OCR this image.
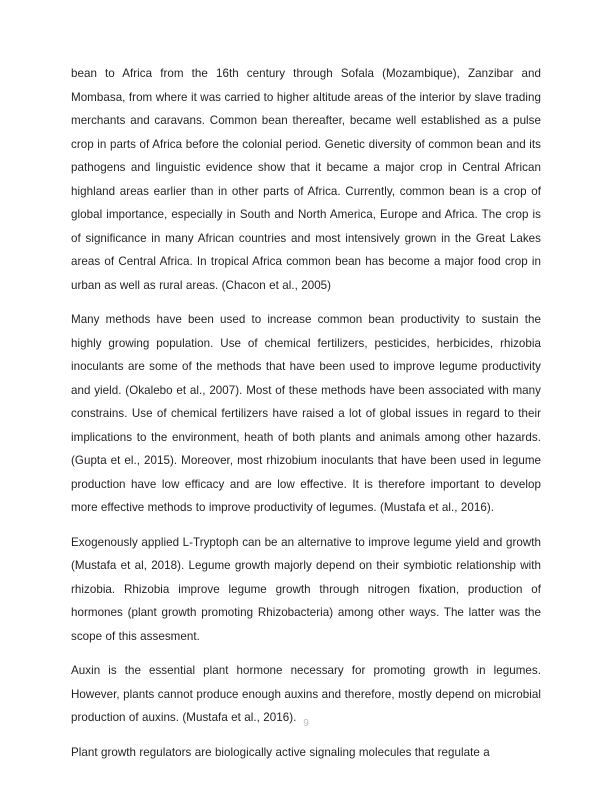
bean to Africa from the 16th century through Sofala (Mozambique), Zanzibar and Mombasa, from where it was carried to higher altitude areas of the interior by slave trading merchants and caravans. Common bean thereafter, became well established as a pulse crop in parts of Africa before the colonial period. Genetic diversity of common bean and its pathogens and linguistic evidence show that it became a major crop in Central African highland areas earlier than in other parts of Africa. Currently, common bean is a crop of global importance, especially in South and North America, Europe and Africa. The crop is of significance in many African countries and most intensively grown in the Great Lakes areas of Central Africa. In tropical Africa common bean has become a major food crop in urban as well as rural areas. (Chacon et al., 2005)

Many methods have been used to increase common bean productivity to sustain the highly growing population. Use of chemical fertilizers, pesticides, herbicides, rhizobia inoculants are some of the methods that have been used to improve legume productivity and yield. (Okalebo et al., 2007). Most of these methods have been associated with many constrains. Use of chemical fertilizers have raised a lot of global issues in regard to their implications to the environment, heath of both plants and animals among other hazards. (Gupta et el., 2015). Moreover, most rhizobium inoculants that have been used in legume production have low efficacy and are low effective. It is therefore important to develop more effective methods to improve productivity of legumes. (Mustafa et al., 2016).

Exogenously applied L-Tryptoph can be an alternative to improve legume yield and growth (Mustafa et al, 2018). Legume growth majorly depend on their symbiotic relationship with rhizobia. Rhizobia improve legume growth through nitrogen fixation, production of hormones (plant growth promoting Rhizobacteria) among other ways. The latter was the scope of this assesment.

Auxin is the essential plant hormone necessary for promoting growth in legumes. However, plants cannot produce enough auxins and therefore, mostly depend on microbial production of auxins. (Mustafa et al., 2016).

Plant growth regulators are biologically active signaling molecules that regulate a

9
